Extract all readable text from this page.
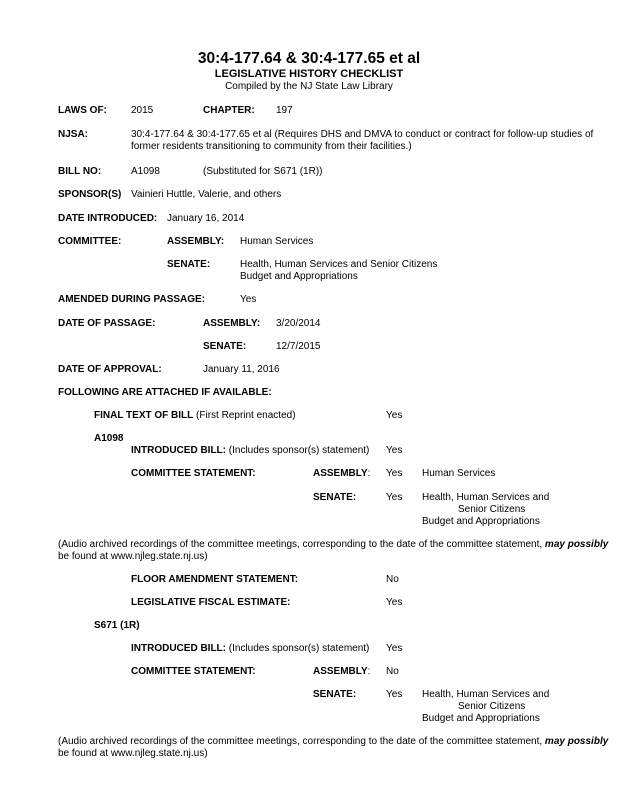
30:4-177.64 & 30:4-177.65 et al
LEGISLATIVE HISTORY CHECKLIST
Compiled by the NJ State Law Library
LAWS OF: 2015	CHAPTER: 197
NJSA:	30:4-177.64 & 30:4-177.65 et al (Requires DHS and DMVA to conduct or contract for follow-up studies of
former residents transitioning to community from their facilities.)
BILL NO:	A1098	(Substituted for S671 (1R))
SPONSOR(S) Vainieri Huttle, Valerie, and others
DATE INTRODUCED: January 16, 2014
COMMITTEE:	ASSEMBLY: Human Services
SENATE:	Health, Human Services and Senior Citizens
Budget and Appropriations
AMENDED DURING PASSAGE:	Yes
DATE OF PASSAGE:	ASSEMBLY: 3/20/2014
SENATE:	12/7/2015
DATE OF APPROVAL:	January 11, 2016
FOLLOWING ARE ATTACHED IF AVAILABLE:
FINAL TEXT OF BILL (First Reprint enacted)	Yes
A1098
INTRODUCED BILL: (Includes sponsor(s) statement) Yes
COMMITTEE STATEMENT:	ASSEMBLY: Yes Human Services
SENATE:	Yes Health, Human Services and
Senior Citizens
Budget and Appropriations
(Audio archived recordings of the committee meetings, corresponding to the date of the committee statement, may possibly
be found at www.njleg.state.nj.us)
FLOOR AMENDMENT STATEMENT:	No
LEGISLATIVE FISCAL ESTIMATE:	Yes
S671 (1R)
INTRODUCED BILL: (Includes sponsor(s) statement) Yes
COMMITTEE STATEMENT:	ASSEMBLY: No
SENATE:	Yes Health, Human Services and
Senior Citizens
Budget and Appropriations
(Audio archived recordings of the committee meetings, corresponding to the date of the committee statement, may possibly
be found at www.njleg.state.nj.us)
